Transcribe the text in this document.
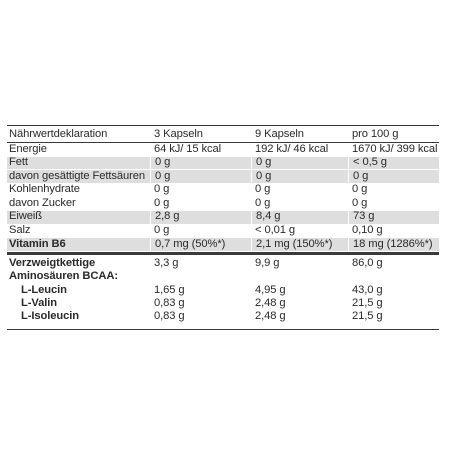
Nährwertdeklaration	3 Kapseln	9 Kapseln	pro 100 g
Energie	64 kJ/ 15 kcal	192 kJ/ 46 kcal	1670 kJ/ 399 kcal
Fett	0 g	0 g	< 0,5 g
davon gesättigte Fettsäuren 0 g	0 g	0 g
Kohlenhydrate	0 g	0 g	0 g
davon Zucker	0 g	0 g	0 g
Eiweiß	2,8 g	8,4 g	73 g
Salz	0 g	< 0,01 g	0,10 g
Vitamin B6	0,7 mg (50%*)	2,1 mg (150%*)	18 mg (1286%*)
Verzweigtkettige	3,3 g	9,9 g	86,0 g
Aminosäuren BCAA:
L-Leucin	1,65 g	4,95 g	43,0 g
L-Valin	0,83 g	2,48 g	21,5 g
L-Isoleucin	0,83 g	2,48 g	21,5 g
